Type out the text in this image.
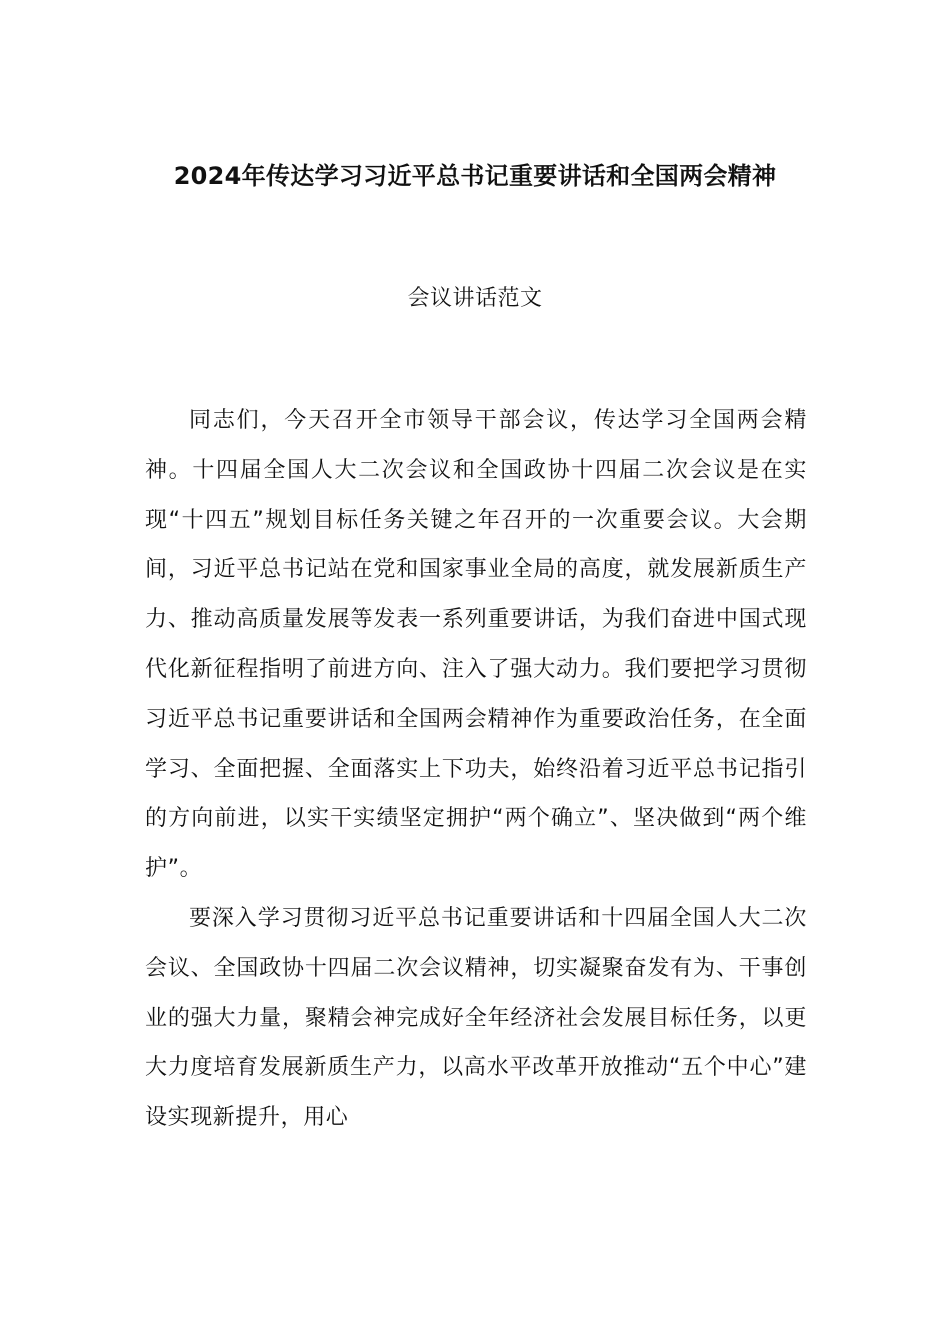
2024年传达学习习近平总书记重要讲话和全国两会精神
会议讲话范文

同志们，今天召开全市领导干部会议，传达学习全国两会精神。十四届全国人大二次会议和全国政协十四届二次会议是在实现“十四五”规划目标任务关键之年召开的一次重要会议。大会期间，习近平总书记站在党和国家事业全局的高度，就发展新质生产力、推动高质量发展等发表一系列重要讲话，为我们奋进中国式现代化新征程指明了前进方向、注入了强大动力。我们要把学习贯彻习近平总书记重要讲话和全国两会精神作为重要政治任务，在全面学习、全面把握、全面落实上下功夫，始终沿着习近平总书记指引的方向前进，以实干实绩坚定拥护“两个确立”、坚决做到“两个维护”。

要深入学习贯彻习近平总书记重要讲话和十四届全国人大二次会议、全国政协十四届二次会议精神，切实凝聚奋发有为、干事创业的强大力量，聚精会神完成好全年经济社会发展目标任务，以更大力度培育发展新质生产力，以高水平改革开放推动“五个中心”建设实现新提升，用心
